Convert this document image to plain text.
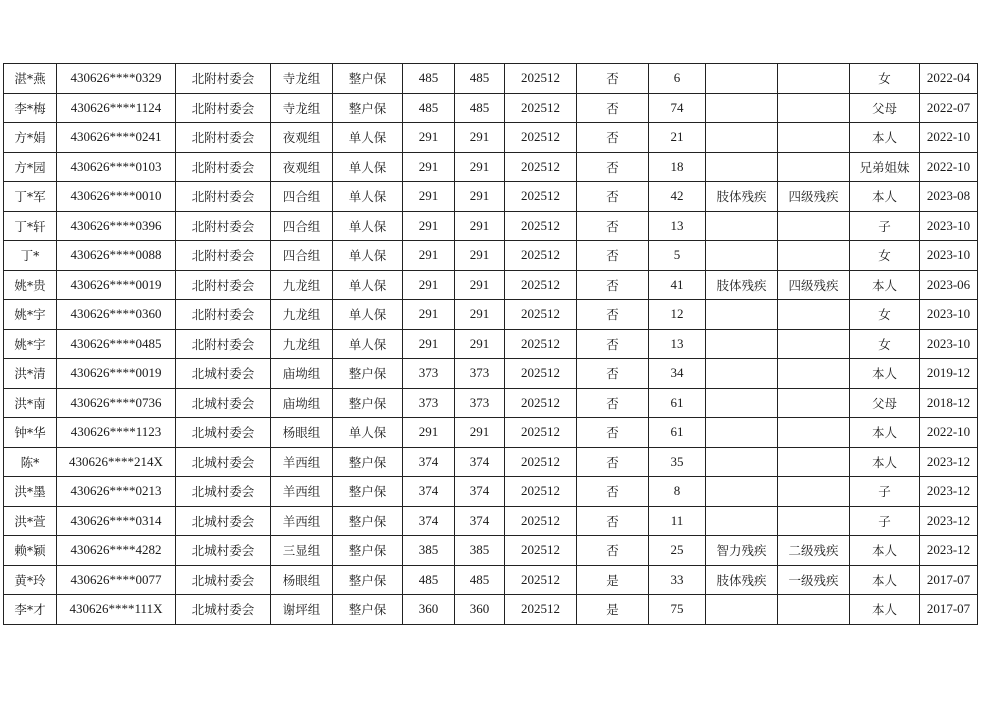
湛*燕	430626****0329	北附村委会	寺龙组	整户保	485	485	202512	否	6			女	2022-04
李*梅	430626****1124	北附村委会	寺龙组	整户保	485	485	202512	否	74			父母	2022-07
方*娟	430626****0241	北附村委会	夜观组	单人保	291	291	202512	否	21			本人	2022-10
方*园	430626****0103	北附村委会	夜观组	单人保	291	291	202512	否	18			兄弟姐妹	2022-10
丁*军	430626****0010	北附村委会	四合组	单人保	291	291	202512	否	42	肢体残疾	四级残疾	本人	2023-08
丁*轩	430626****0396	北附村委会	四合组	单人保	291	291	202512	否	13			子	2023-10
丁*	430626****0088	北附村委会	四合组	单人保	291	291	202512	否	5			女	2023-10
姚*贵	430626****0019	北附村委会	九龙组	单人保	291	291	202512	否	41	肢体残疾	四级残疾	本人	2023-06
姚*宇	430626****0360	北附村委会	九龙组	单人保	291	291	202512	否	12			女	2023-10
姚*宇	430626****0485	北附村委会	九龙组	单人保	291	291	202512	否	13			女	2023-10
洪*清	430626****0019	北城村委会	庙坳组	整户保	373	373	202512	否	34			本人	2019-12
洪*南	430626****0736	北城村委会	庙坳组	整户保	373	373	202512	否	61			父母	2018-12
钟*华	430626****1123	北城村委会	杨眼组	单人保	291	291	202512	否	61			本人	2022-10
陈*	430626****214X	北城村委会	羊西组	整户保	374	374	202512	否	35			本人	2023-12
洪*墨	430626****0213	北城村委会	羊西组	整户保	374	374	202512	否	8			子	2023-12
洪*萱	430626****0314	北城村委会	羊西组	整户保	374	374	202512	否	11			子	2023-12
赖*颖	430626****4282	北城村委会	三显组	整户保	385	385	202512	否	25	智力残疾	二级残疾	本人	2023-12
黄*玲	430626****0077	北城村委会	杨眼组	整户保	485	485	202512	是	33	肢体残疾	一级残疾	本人	2017-07
李*才	430626****111X	北城村委会	谢坪组	整户保	360	360	202512	是	75			本人	2017-07
